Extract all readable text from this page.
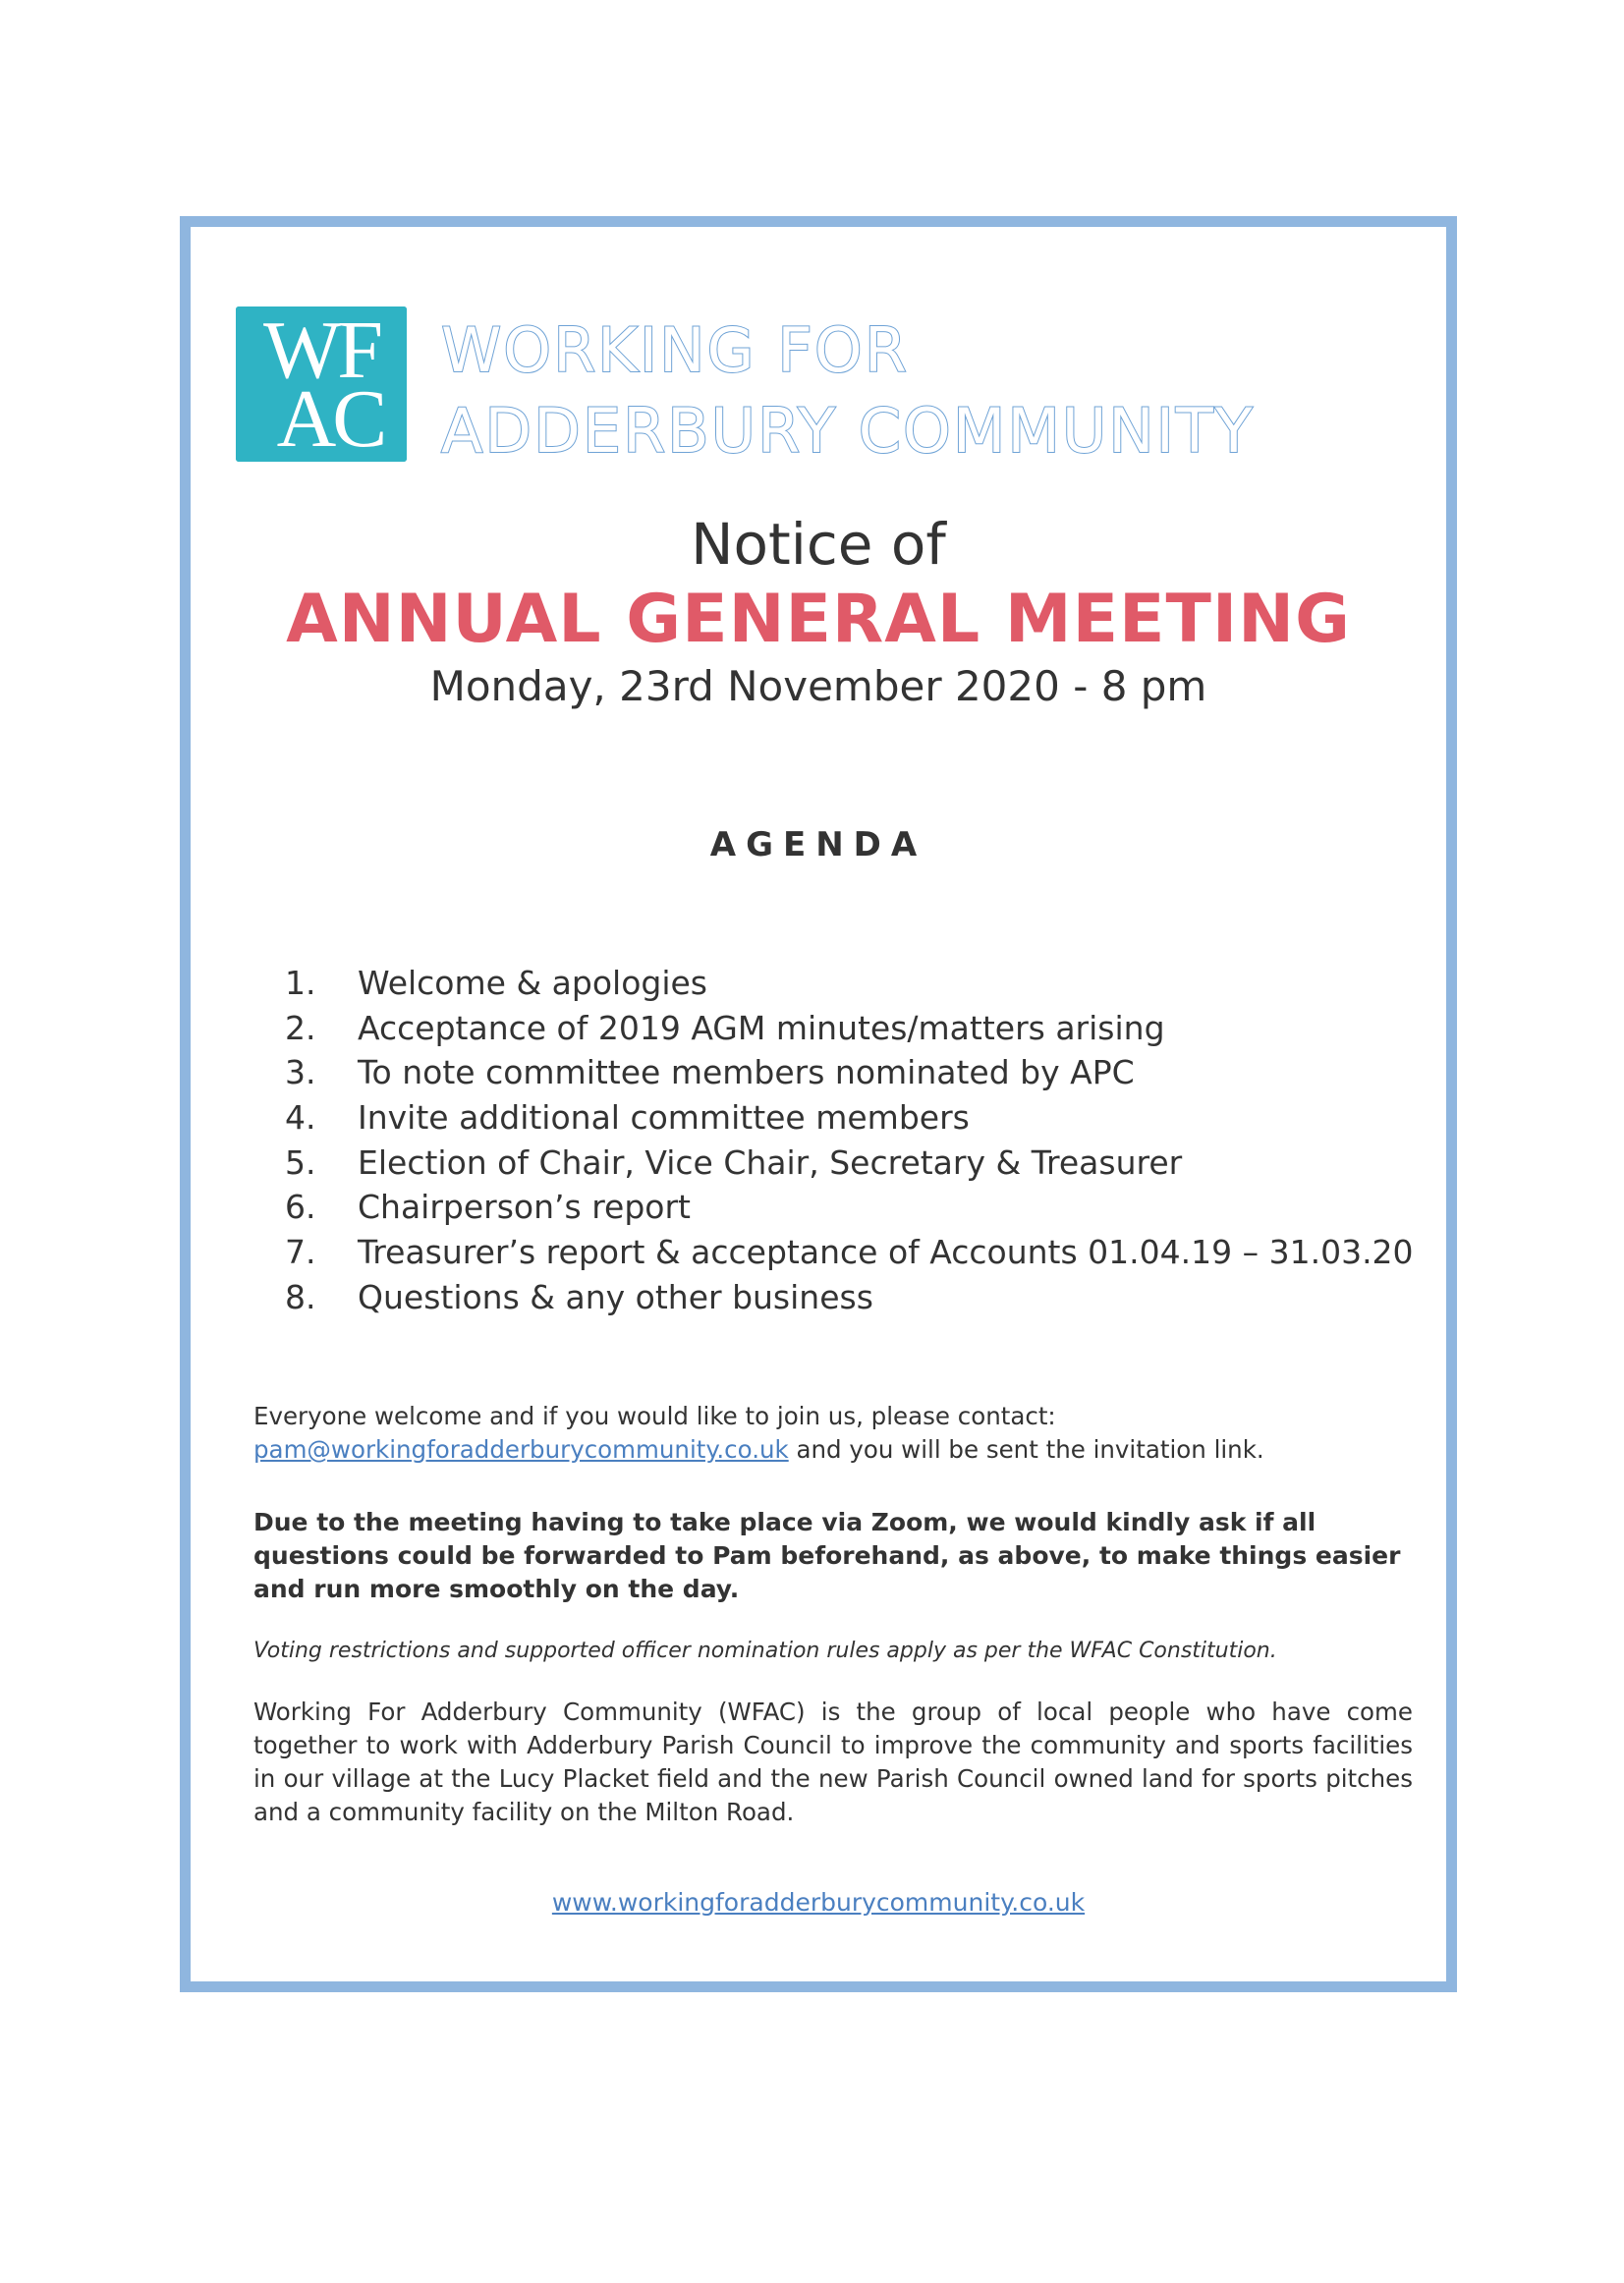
WF
AC
WORKING FOR
ADDERBURY COMMUNITY
Notice of
ANNUAL GENERAL MEETING
Monday, 23rd November 2020 - 8 pm
AGENDA
1. Welcome & apologies
2. Acceptance of 2019 AGM minutes/matters arising
3. To note committee members nominated by APC
4. Invite additional committee members
5. Election of Chair, Vice Chair, Secretary & Treasurer
6. Chairperson’s report
7. Treasurer’s report & acceptance of Accounts 01.04.19 – 31.03.20
8. Questions & any other business
Everyone welcome and if you would like to join us, please contact:
pam@workingforadderburycommunity.co.uk and you will be sent the invitation link.
Due to the meeting having to take place via Zoom, we would kindly ask if all questions could be forwarded to Pam beforehand, as above, to make things easier and run more smoothly on the day.
Voting restrictions and supported officer nomination rules apply as per the WFAC Constitution.
Working For Adderbury Community (WFAC) is the group of local people who have come together to work with Adderbury Parish Council to improve the community and sports facilities in our village at the Lucy Placket field and the new Parish Council owned land for sports pitches and a community facility on the Milton Road.
www.workingforadderburycommunity.co.uk
